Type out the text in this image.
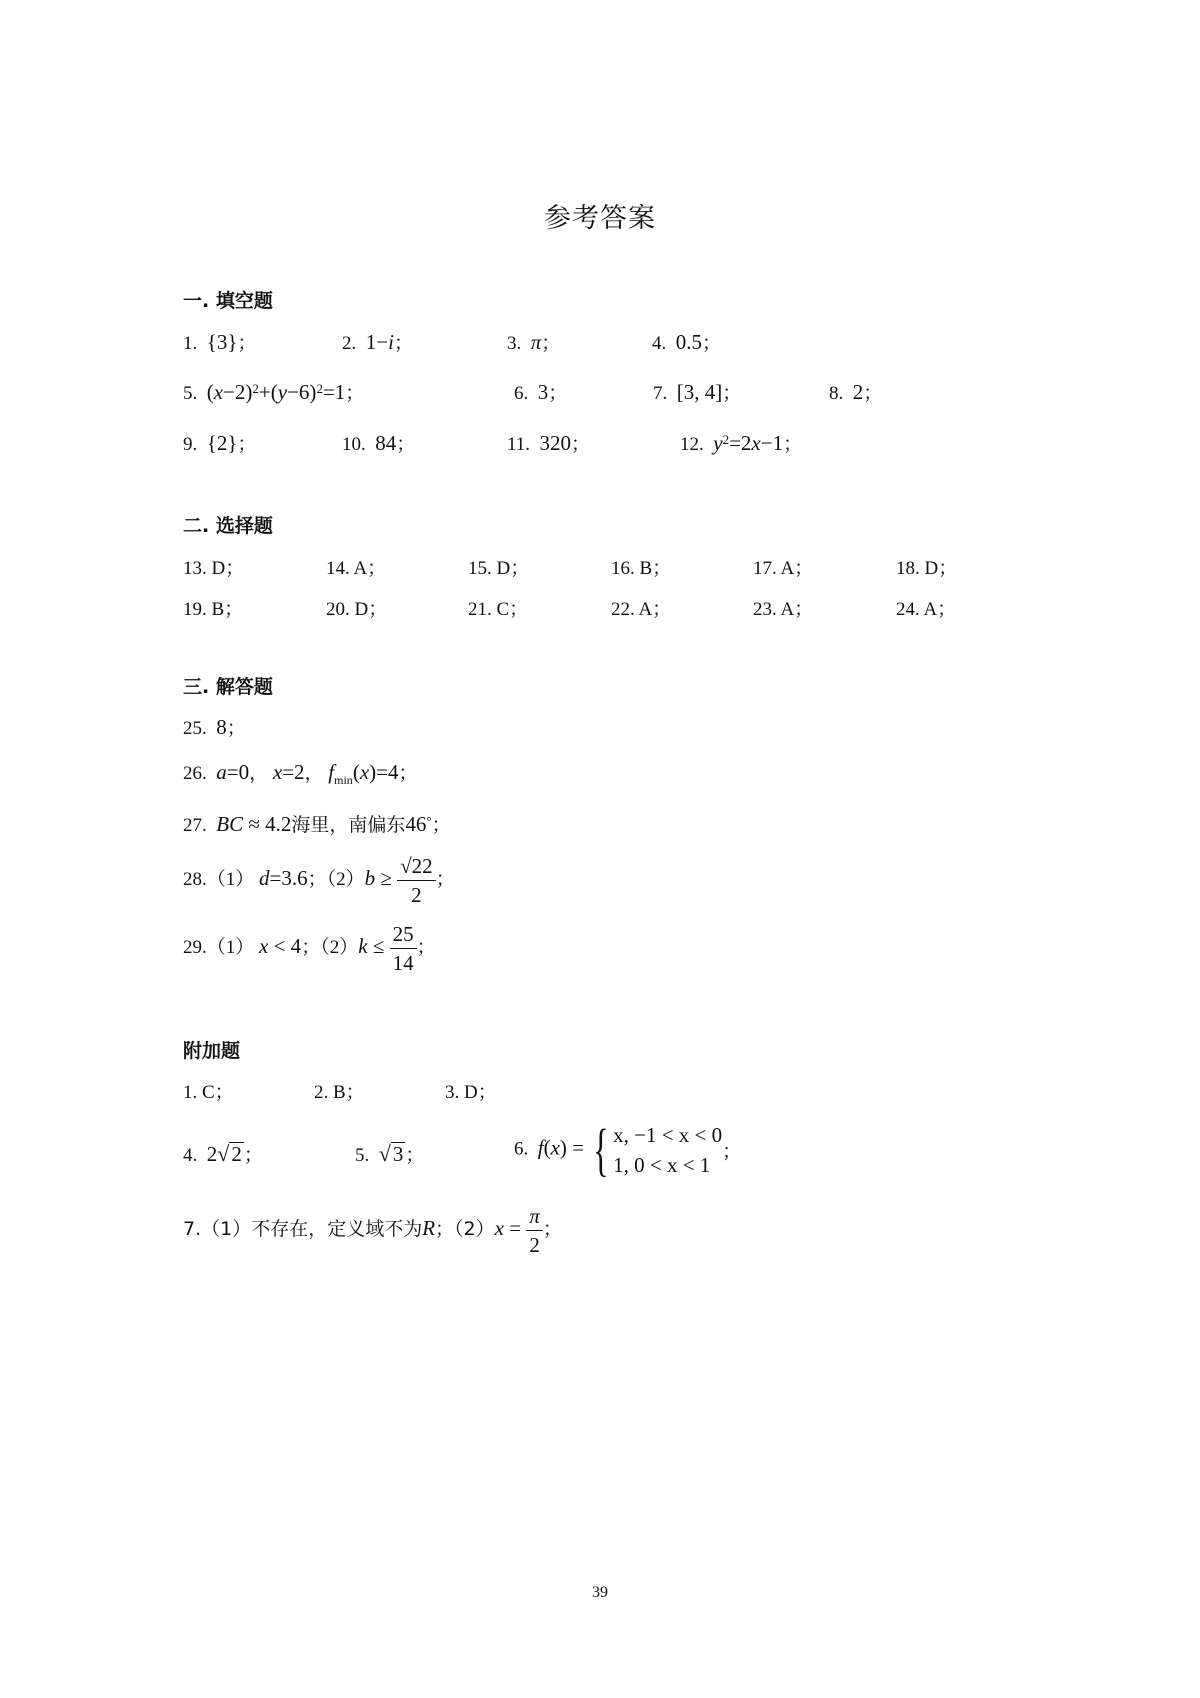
参考答案
一. 填空题
1. {3}；	2. 1−i；	3. π；	4. 0.5；
5. $(x-2)^2+(y-6)^2=1$；	6. 3；	7. [3, 4]；	8. 2；
9. {2}；	10. 84；	11. 320；	12. $y^2=2x-1$；
二. 选择题
13. D；	14. A；	15. D；	16. B；	17. A；	18. D；
19. B；	20. D；	21. C；	22. A；	23. A；	24. A；
三. 解答题
25. 8；
26. a=0， x=2， $f_{min}(x)=4$；
27. BC ≈ 4.2海里，南偏东46°；
28.（1） d=3.6；$(2)b \ge \frac{√22}{2}$ ；
29.（1） x < 4；$(2)k \le \frac{25}{14}$ ；
附加题
1. C；	2. B；	3. D；
4. 2√2 ；	5. √3 ；	6. f(x) = { x, −1 < x < 0
1, 0 < x < 1
；
7.（1）不存在，定义域不为R；$(2)x = \frac{\pi}{2}$ ；
39
